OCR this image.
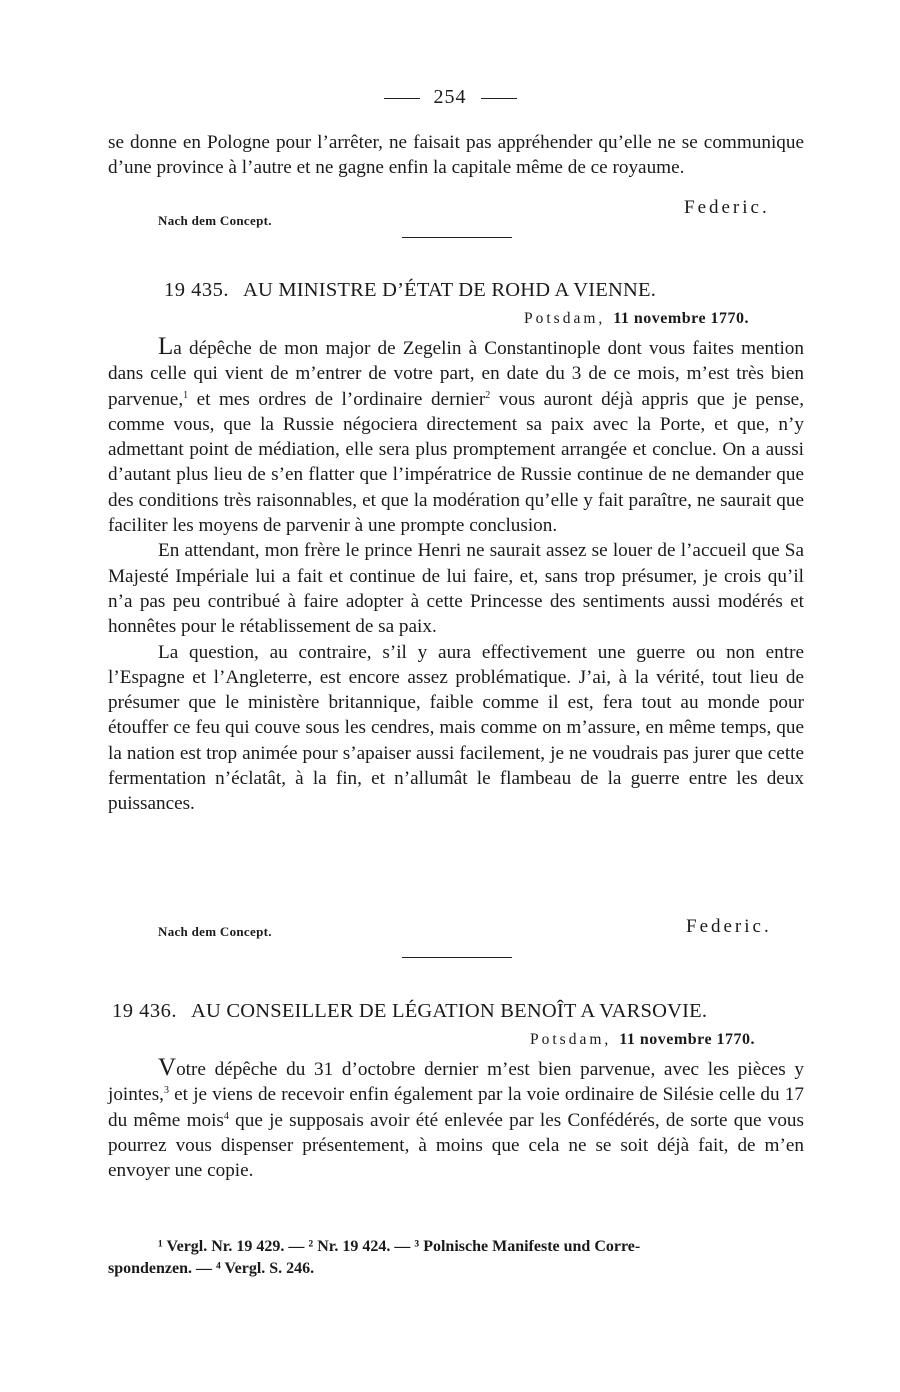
254

se donne en Pologne pour l’arrêter, ne faisait pas appréhender qu’elle ne se communique d’une province à l’autre et ne gagne enfin la capitale même de ce royaume.

Nach dem Concept.
Federic.
19 435. AU MINISTRE D’ÉTAT DE ROHD A VIENNE.
Potsdam, 11 novembre 1770.

La dépêche de mon major de Zegelin à Constantinople dont vous faites mention dans celle qui vient de m’entrer de votre part, en date du 3 de ce mois, m’est très bien parvenue,$^1$ et mes ordres de l’ordinaire dernier$^2$ vous auront déjà appris que je pense, comme vous, que la Russie négociera directement sa paix avec la Porte, et que, n’y admettant point de médiation, elle sera plus promptement arrangée et conclue. On a aussi d’autant plus lieu de s’en flatter que l’impératrice de Russie continue de ne demander que des conditions très raisonnables, et que la modération qu’elle y fait paraître, ne saurait que faciliter les moyens de parvenir à une prompte conclusion.

En attendant, mon frère le prince Henri ne saurait assez se louer de l’accueil que Sa Majesté Impériale lui a fait et continue de lui faire, et, sans trop présumer, je crois qu’il n’a pas peu contribué à faire adopter à cette Princesse des sentiments aussi modérés et honnêtes pour le rétablissement de sa paix.

La question, au contraire, s’il y aura effectivement une guerre ou non entre l’Espagne et l’Angleterre, est encore assez problématique. J’ai, à la vérité, tout lieu de présumer que le ministère britannique, faible comme il est, fera tout au monde pour étouffer ce feu qui couve sous les cendres, mais comme on m’assure, en même temps, que la nation est trop animée pour s’apaiser aussi facilement, je ne voudrais pas jurer que cette fermentation n’éclatât, à la fin, et n’allumât le flambeau de la guerre entre les deux puissances.

Nach dem Concept.	Federic.
19 436. AU CONSEILLER DE LÉGATION BENOÎT A VARSOVIE.
Potsdam, 11 novembre 1770.

Votre dépêche du 31 d’octobre dernier m’est bien parvenue, avec les pièces y jointes,$^3$ et je viens de recevoir enfin également par la voie ordinaire de Silésie celle du 17 du même mois$^4$ que je supposais avoir été enlevée par les Confédérés, de sorte que vous pourrez vous dispenser présentement, à moins que cela ne se soit déjà fait, de m’en envoyer une copie.

¹ Vergl. Nr. 19 429. — ² Nr. 19 424. — ³ Polnische Manifeste und Corre-
spondenzen. — ⁴ Vergl. S. 246.
